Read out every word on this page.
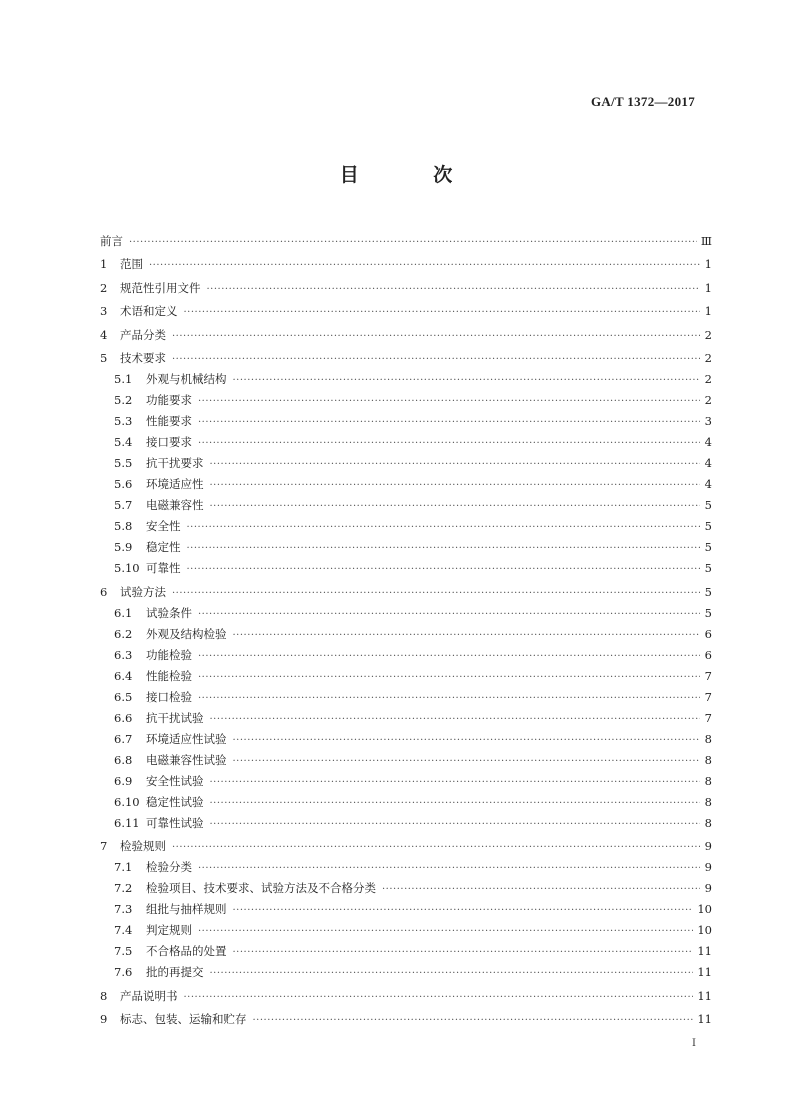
GA/T 1372—2017
目 次
前言 ·····	Ⅲ
1	范围 ·····	1
2	规范性引用文件 ·····	1
3	术语和定义 ·····	1
4	产品分类 ·····	2
5	技术要求 ·····	2
5.1	外观与机械结构 ·····	2
5.2	功能要求 ·····	2
5.3	性能要求 ·····	3
5.4	接口要求 ·····	4
5.5	抗干扰要求 ·····	4
5.6	环境适应性 ·····	4
5.7	电磁兼容性 ·····	5
5.8	安全性 ·····	5
5.9	稳定性 ·····	5
5.10 可靠性 ·····	5
6	试验方法 ·····	5
6.1	试验条件 ·····	5
6.2	外观及结构检验 ·····	6
6.3	功能检验 ·····	6
6.4	性能检验 ·····	7
6.5	接口检验 ·····	7
6.6	抗干扰试验 ·····	7
6.7	环境适应性试验 ·····	8
6.8	电磁兼容性试验 ·····	8
6.9	安全性试验 ·····	8
6.10 稳定性试验 ·····	8
6.11 可靠性试验 ·····	8
7	检验规则 ·····	9
7.1	检验分类 ·····	9
7.2	检验项目、技术要求、试验方法及不合格分类 ·····	9
7.3	组批与抽样规则 ·····	10
7.4	判定规则 ·····	10
7.5	不合格品的处置 ·····	11
7.6	批的再提交 ·····	11
8	产品说明书 ·····	11
9	标志、包装、运输和贮存 ·····	11
I
